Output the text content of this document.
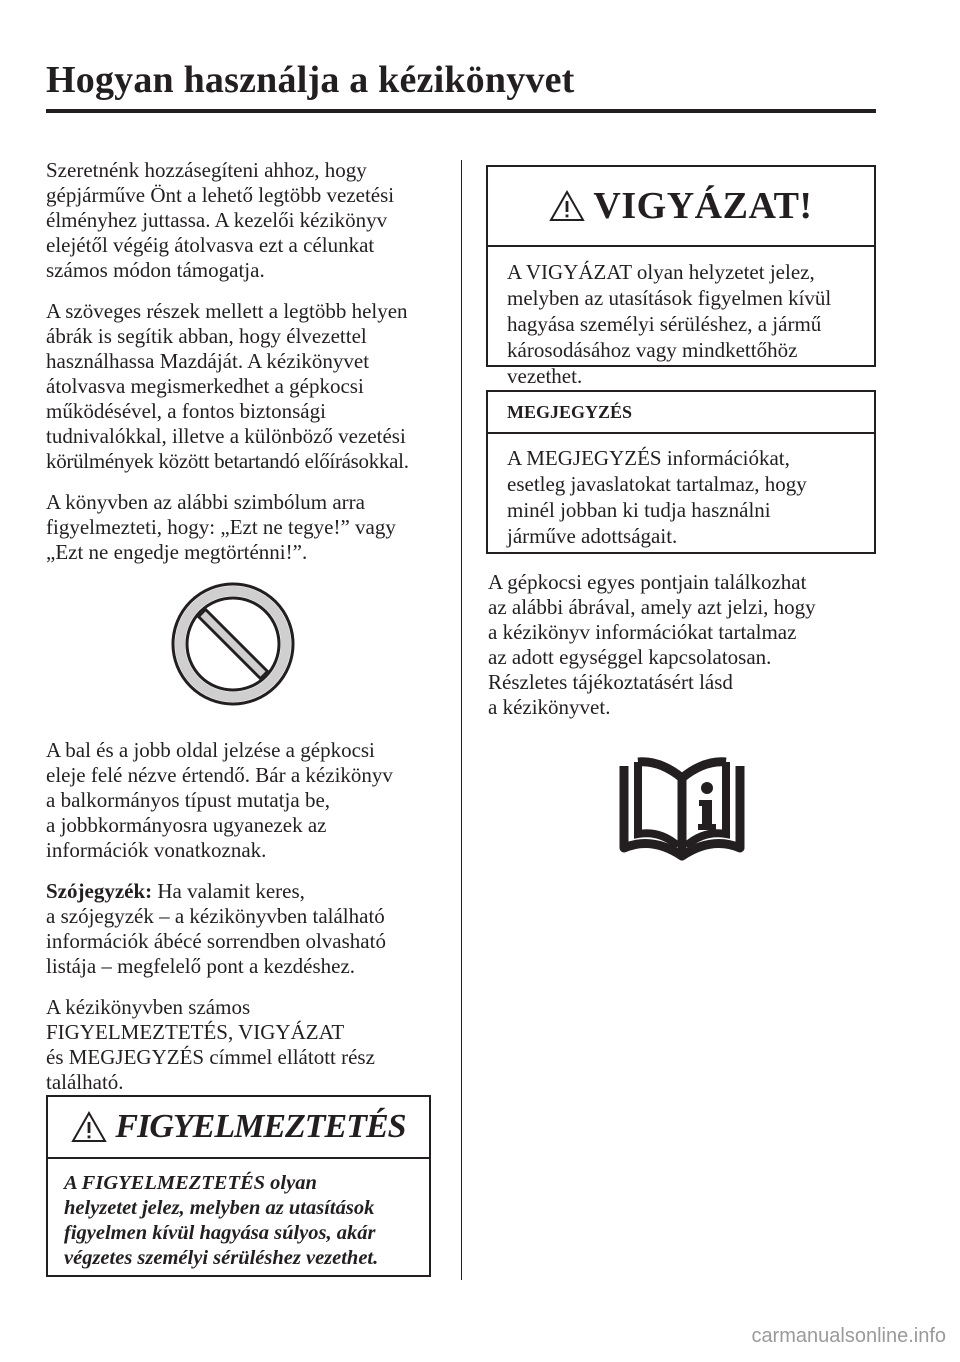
Hogyan használja a kézikönyvet

Szeretnénk hozzásegíteni ahhoz, hogy
gépjárműve Önt a lehető legtöbb vezetési
élményhez juttassa. A kezelői kézikönyv
elejétől végéig átolvasva ezt a célunkat
számos módon támogatja.

A szöveges részek mellett a legtöbb helyen
ábrák is segítik abban, hogy élvezettel
használhassa Mazdáját. A kézikönyvet
átolvasva megismerkedhet a gépkocsi
működésével, a fontos biztonsági
tudnivalókkal, illetve a különböző vezetési
körülmények között betartandó előírásokkal.

A könyvben az alábbi szimbólum arra
figyelmezteti, hogy: „Ezt ne tegye!” vagy
„Ezt ne engedje megtörténni!”.

A bal és a jobb oldal jelzése a gépkocsi
eleje felé nézve értendő. Bár a kézikönyv
a balkormányos típust mutatja be,
a jobbkormányosra ugyanezek az
információk vonatkoznak.

Szójegyzék: Ha valamit keres,
a szójegyzék – a kézikönyvben található
információk ábécé sorrendben olvasható
listája – megfelelő pont a kezdéshez.

A kézikönyvben számos
FIGYELMEZTETÉS, VIGYÁZAT
és MEGJEGYZÉS címmel ellátott rész
található.

FIGYELMEZTETÉS
A FIGYELMEZTETÉS olyan
helyzetet jelez, melyben az utasítások
figyelmen kívül hagyása súlyos, akár
végzetes személyi sérüléshez vezethet.
VIGYÁZAT!
A VIGYÁZAT olyan helyzetet jelez,
melyben az utasítások figyelmen kívül
hagyása személyi sérüléshez, a jármű
károsodásához vagy mindkettőhöz
vezethet.
MEGJEGYZÉS
A MEGJEGYZÉS információkat,
esetleg javaslatokat tartalmaz, hogy
minél jobban ki tudja használni
járműve adottságait.

A gépkocsi egyes pontjain találkozhat
az alábbi ábrával, amely azt jelzi, hogy
a kézikönyv információkat tartalmaz
az adott egységgel kapcsolatosan.
Részletes tájékoztatásért lásd
a kézikönyvet.

carmanualsonline.info
